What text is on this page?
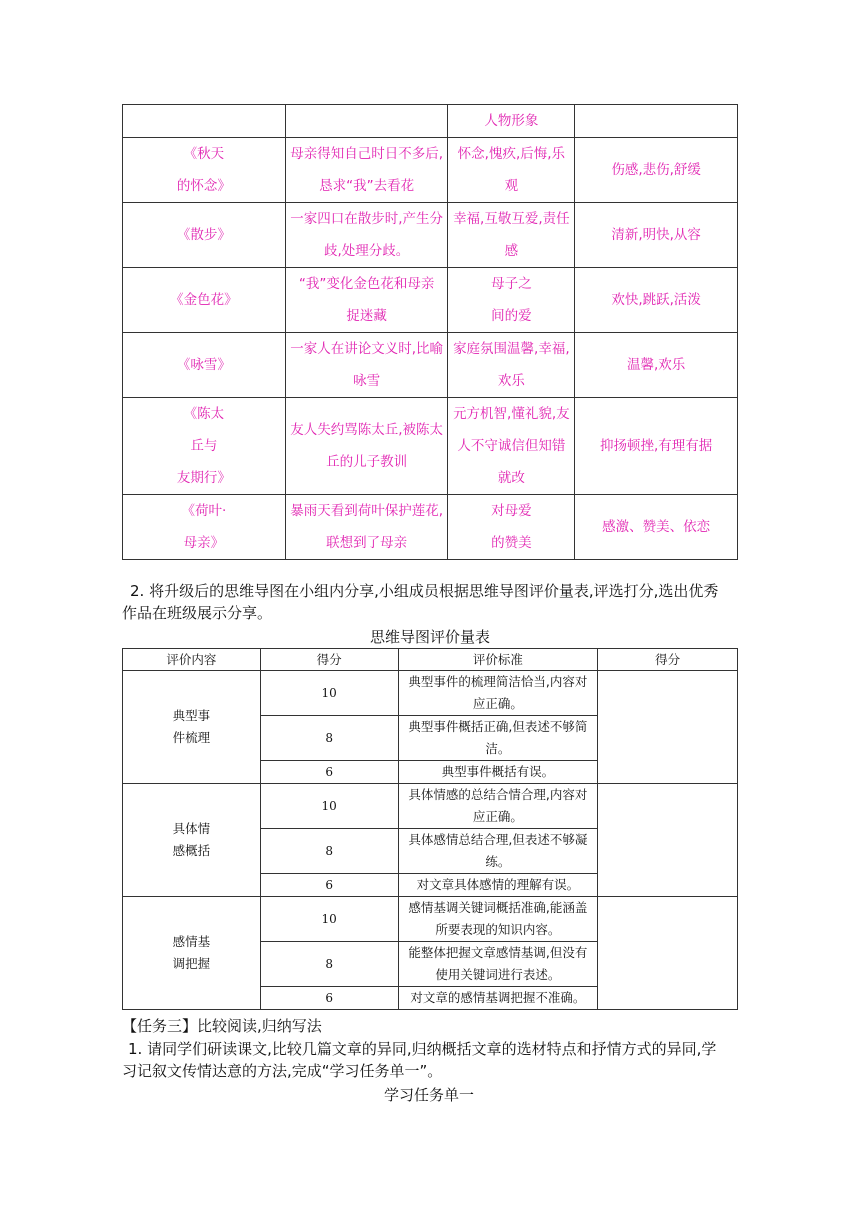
		人物形象	

《秋天
的怀念》	母亲得知自己时日不多后,
恳求“我”去看花	怀念,愧疚,后悔,乐
观	伤感,悲伤,舒缓
《散步》	一家四口在散步时,产生分
歧,处理分歧。	幸福,互敬互爱,责任
感	清新,明快,从容
《金色花》	“我”变化金色花和母亲
捉迷藏	母子之
间的爱	欢快,跳跃,活泼
《咏雪》	一家人在讲论文义时,比喻
咏雪	家庭氛围温馨,幸福,
欢乐	温馨,欢乐

《陈太
丘与
友期行》	友人失约骂陈太丘,被陈太
丘的儿子教训	元方机智,懂礼貌,友
人不守诚信但知错
就改	抑扬顿挫,有理有据

《荷叶·
母亲》	暴雨天看到荷叶保护莲花,
联想到了母亲	对母爱
的赞美	感激、赞美、依恋
2. 将升级后的思维导图在小组内分享,小组成员根据思维导图评价量表,评选打分,选出优秀
作品在班级展示分享。
思维导图评价量表
评价内容	得分	评价标准	得分

典型事
件梳理	10	典型事件的梳理简洁恰当,内容对
应正确。	

	8	典型事件概括正确,但表述不够简
洁。	

	6	典型事件概括有误。	

具体情
感概括	10	具体情感的总结合情合理,内容对
应正确。	

	8	具体感情总结合理,但表述不够凝
练。	

	6	对文章具体感情的理解有误。	

感情基
调把握	10	感情基调关键词概括准确,能涵盖
所要表现的知识内容。	

	8	能整体把握文章感情基调,但没有
使用关键词进行表述。	

	6	对文章的感情基调把握不准确。	
【任务三】比较阅读,归纳写法
1. 请同学们研读课文,比较几篇文章的异同,归纳概括文章的选材特点和抒情方式的异同,学
习记叙文传情达意的方法,完成“学习任务单一”。
学习任务单一
